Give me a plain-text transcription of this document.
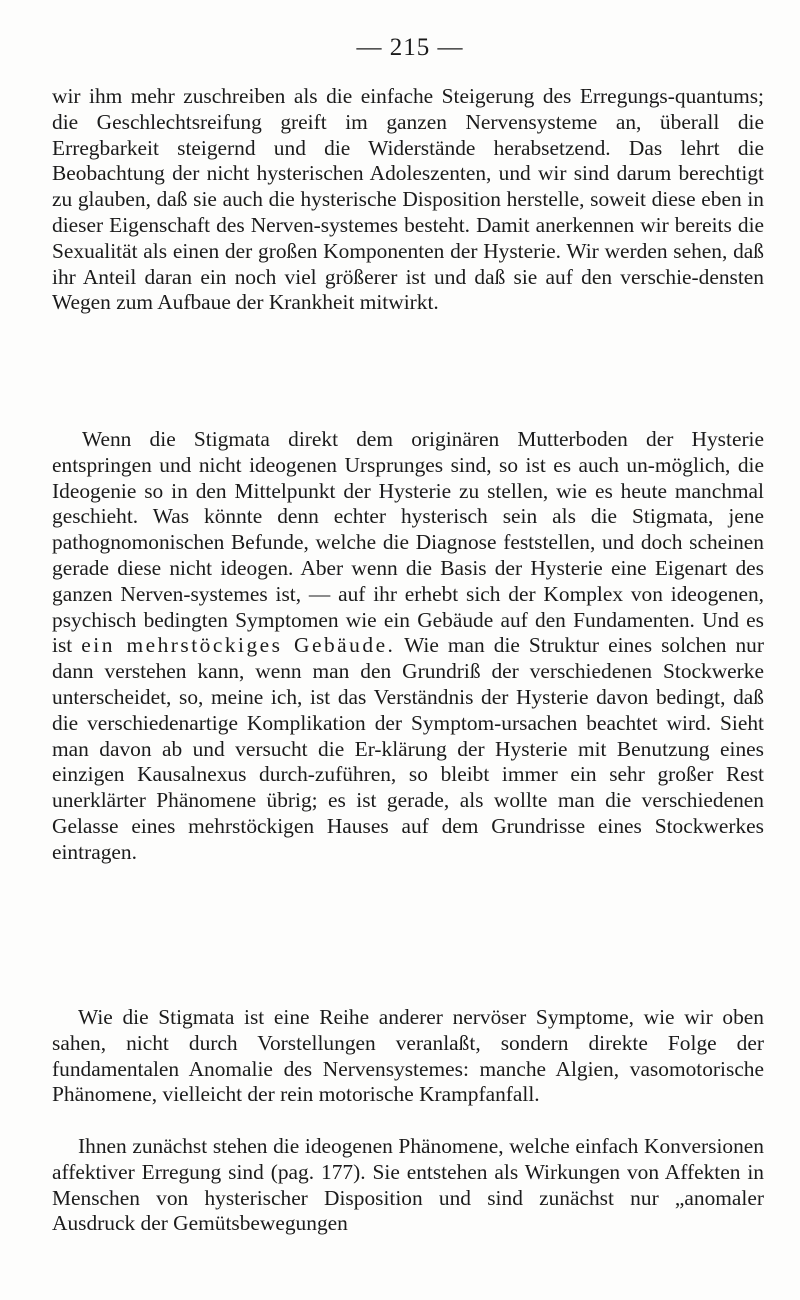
— 215 —

wir ihm mehr zuschreiben als die einfache Steigerung des Erregungs-quantums; die Geschlechtsreifung greift im ganzen Nervensysteme an, überall die Erregbarkeit steigernd und die Widerstände herabsetzend. Das lehrt die Beobachtung der nicht hysterischen Adoleszenten, und wir sind darum berechtigt zu glauben, daß sie auch die hysterische Disposition herstelle, soweit diese eben in dieser Eigenschaft des Nerven-systemes besteht. Damit anerkennen wir bereits die Sexualität als einen der großen Komponenten der Hysterie. Wir werden sehen, daß ihr Anteil daran ein noch viel größerer ist und daß sie auf den verschie-densten Wegen zum Aufbaue der Krankheit mitwirkt.

Wenn die Stigmata direkt dem originären Mutterboden der Hysterie entspringen und nicht ideogenen Ursprunges sind, so ist es auch un-möglich, die Ideogenie so in den Mittelpunkt der Hysterie zu stellen, wie es heute manchmal geschieht. Was könnte denn echter hysterisch sein als die Stigmata, jene pathognomonischen Befunde, welche die Diagnose feststellen, und doch scheinen gerade diese nicht ideogen. Aber wenn die Basis der Hysterie eine Eigenart des ganzen Nerven-systemes ist, — auf ihr erhebt sich der Komplex von ideogenen, psychisch bedingten Symptomen wie ein Gebäude auf den Fundamenten. Und es ist ein mehrstöckiges Gebäude. Wie man die Struktur eines solchen nur dann verstehen kann, wenn man den Grundriß der verschiedenen Stockwerke unterscheidet, so, meine ich, ist das Verständnis der Hysterie davon bedingt, daß die verschiedenartige Komplikation der Symptom-ursachen beachtet wird. Sieht man davon ab und versucht die Er-klärung der Hysterie mit Benutzung eines einzigen Kausalnexus durch-zuführen, so bleibt immer ein sehr großer Rest unerklärter Phänomene übrig; es ist gerade, als wollte man die verschiedenen Gelasse eines mehrstöckigen Hauses auf dem Grundrisse eines Stockwerkes eintragen.

Wie die Stigmata ist eine Reihe anderer nervöser Symptome, wie wir oben sahen, nicht durch Vorstellungen veranlaßt, sondern direkte Folge der fundamentalen Anomalie des Nervensystemes: manche Algien, vasomotorische Phänomene, vielleicht der rein motorische Krampfanfall.

Ihnen zunächst stehen die ideogenen Phänomene, welche einfach Konversionen affektiver Erregung sind (pag. 177). Sie entstehen als Wirkungen von Affekten in Menschen von hysterischer Disposition und sind zunächst nur „anomaler Ausdruck der Gemütsbewegungen
